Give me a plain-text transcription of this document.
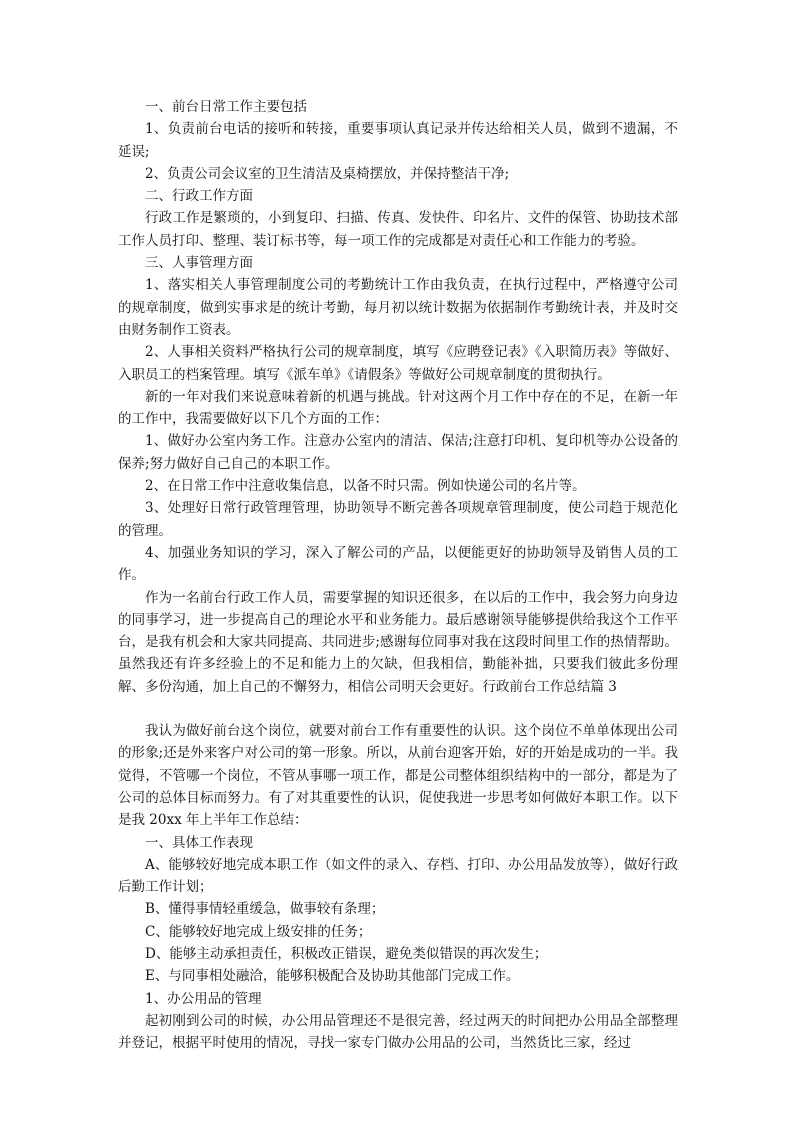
一、前台日常工作主要包括

1、负责前台电话的接听和转接，重要事项认真记录并传达给相关人员，做到不遗漏，不延误;

2、负责公司会议室的卫生清洁及桌椅摆放，并保持整洁干净;

二、行政工作方面

行政工作是繁琐的，小到复印、扫描、传真、发快件、印名片、文件的保管、协助技术部工作人员打印、整理、装订标书等，每一项工作的完成都是对责任心和工作能力的考验。

三、人事管理方面

1、落实相关人事管理制度公司的考勤统计工作由我负责，在执行过程中，严格遵守公司的规章制度，做到实事求是的统计考勤，每月初以统计数据为依据制作考勤统计表，并及时交由财务制作工资表。

2、人事相关资料严格执行公司的规章制度，填写《应聘登记表》《入职简历表》等做好、入职员工的档案管理。填写《派车单》《请假条》等做好公司规章制度的贯彻执行。

新的一年对我们来说意味着新的机遇与挑战。针对这两个月工作中存在的不足，在新一年的工作中，我需要做好以下几个方面的工作：

1、做好办公室内务工作。注意办公室内的清洁、保洁;注意打印机、复印机等办公设备的保养;努力做好自己自己的本职工作。

2、在日常工作中注意收集信息，以备不时只需。例如快递公司的名片等。

3、处理好日常行政管理管理，协助领导不断完善各项规章管理制度，使公司趋于规范化的管理。

4、加强业务知识的学习，深入了解公司的产品，以便能更好的协助领导及销售人员的工作。

作为一名前台行政工作人员，需要掌握的知识还很多，在以后的工作中，我会努力向身边的同事学习，进一步提高自己的理论水平和业务能力。最后感谢领导能够提供给我这个工作平台，是我有机会和大家共同提高、共同进步;感谢每位同事对我在这段时间里工作的热情帮助。虽然我还有许多经验上的不足和能力上的欠缺，但我相信，勤能补拙，只要我们彼此多份理解、多份沟通，加上自己的不懈努力，相信公司明天会更好。行政前台工作总结篇 3

我认为做好前台这个岗位，就要对前台工作有重要性的认识。这个岗位不单单体现出公司的形象;还是外来客户对公司的第一形象。所以，从前台迎客开始，好的开始是成功的一半。我觉得，不管哪一个岗位，不管从事哪一项工作，都是公司整体组织结构中的一部分，都是为了公司的总体目标而努力。有了对其重要性的认识，促使我进一步思考如何做好本职工作。以下是我 20xx 年上半年工作总结：

一、具体工作表现

A、能够较好地完成本职工作（如文件的录入、存档、打印、办公用品发放等），做好行政后勤工作计划；

B、懂得事情轻重缓急，做事较有条理；

C、能够较好地完成上级安排的任务；

D、能够主动承担责任，积极改正错误，避免类似错误的再次发生；

E、与同事相处融洽，能够积极配合及协助其他部门完成工作。

1、办公用品的管理

起初刚到公司的时候，办公用品管理还不是很完善，经过两天的时间把办公用品全部整理并登记，根据平时使用的情况，寻找一家专门做办公用品的公司，当然货比三家，经过
